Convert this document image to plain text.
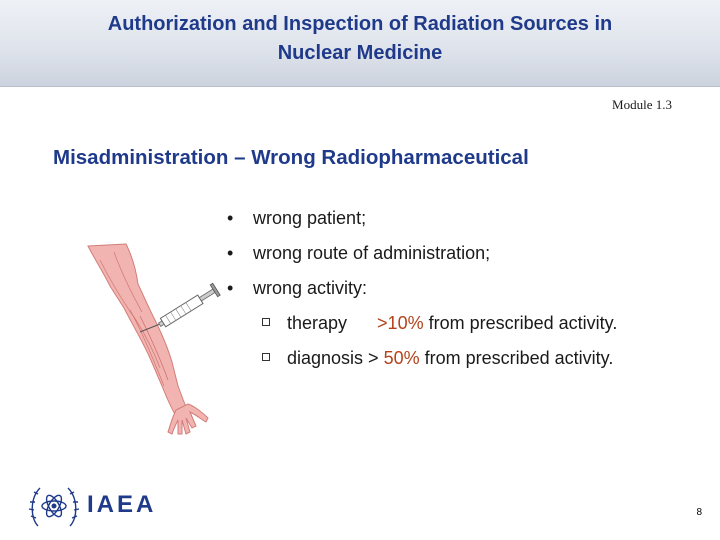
Authorization and Inspection of Radiation Sources in
Nuclear Medicine
Module 1.3
Misadministration – Wrong Radiopharmaceutical
• wrong patient;
• wrong route of administration;
• wrong activity:
therapy >10% from prescribed activity.
diagnosis > 50% from prescribed activity.
IAEA	8
